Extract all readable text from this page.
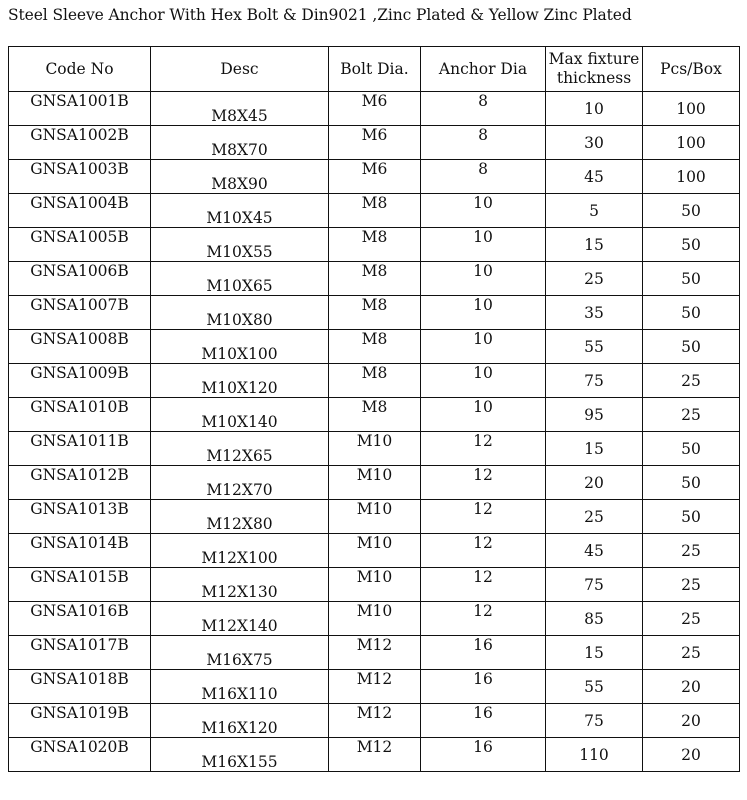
Steel Sleeve Anchor With Hex Bolt & Din9021 ,Zinc Plated & Yellow Zinc Plated
Code No	Desc	Bolt Dia.	Anchor Dia	Max fixture thickness	Pcs/Box
GNSA1001B	M8X45	M6	8	10	100
GNSA1002B	M8X70	M6	8	30	100
GNSA1003B	M8X90	M6	8	45	100
GNSA1004B	M10X45	M8	10	5	50
GNSA1005B	M10X55	M8	10	15	50
GNSA1006B	M10X65	M8	10	25	50
GNSA1007B	M10X80	M8	10	35	50
GNSA1008B	M10X100	M8	10	55	50
GNSA1009B	M10X120	M8	10	75	25
GNSA1010B	M10X140	M8	10	95	25
GNSA1011B	M12X65	M10	12	15	50
GNSA1012B	M12X70	M10	12	20	50
GNSA1013B	M12X80	M10	12	25	50
GNSA1014B	M12X100	M10	12	45	25
GNSA1015B	M12X130	M10	12	75	25
GNSA1016B	M12X140	M10	12	85	25
GNSA1017B	M16X75	M12	16	15	25
GNSA1018B	M16X110	M12	16	55	20
GNSA1019B	M16X120	M12	16	75	20
GNSA1020B	M16X155	M12	16	110	20
